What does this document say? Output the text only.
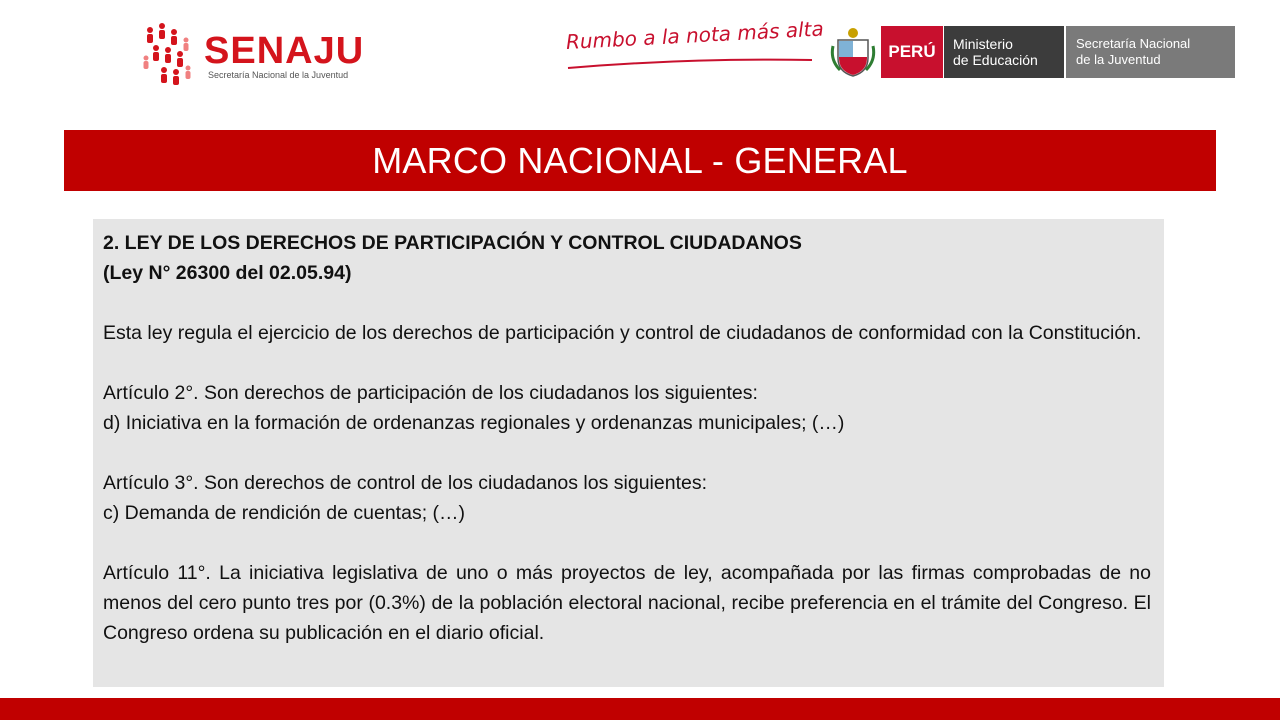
SENAJU
Secretaría Nacional de la Juventud
Rumbo a la nota más alta	PERÚ Ministerio
de Educación
Secretaría Nacional
de la Juventud
MARCO NACIONAL - GENERAL

2. LEY DE LOS DERECHOS DE PARTICIPACIÓN Y CONTROL CIUDADANOS

(Ley N° 26300 del 02.05.94)

Esta ley regula el ejercicio de los derechos de participación y control de ciudadanos de conformidad con la Constitución.

Artículo 2°. Son derechos de participación de los ciudadanos los siguientes:

d) Iniciativa en la formación de ordenanzas regionales y ordenanzas municipales; (…)

Artículo 3°. Son derechos de control de los ciudadanos los siguientes:

c) Demanda de rendición de cuentas; (…)

Artículo 11°. La iniciativa legislativa de uno o más proyectos de ley, acompañada por las firmas comprobadas de no menos del cero punto tres por (0.3%) de la población electoral nacional, recibe preferencia en el trámite del Congreso. El Congreso ordena su publicación en el diario oficial.
